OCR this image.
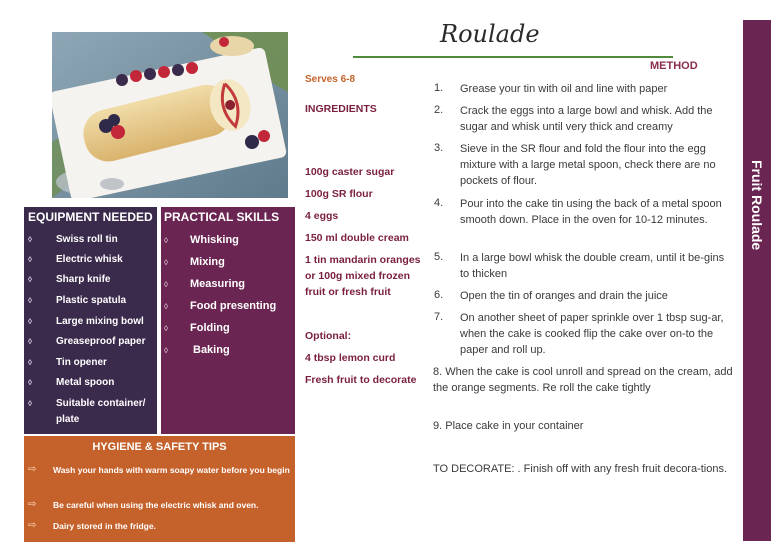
EQUIPMENT NEEDED
◊ Swiss roll tin
◊ Electric whisk
◊ Sharp knife
◊ Plastic spatula
◊ Large mixing bowl
◊ Greaseproof paper
◊ Tin opener
◊ Metal spoon
◊ Suitable container/ plate
PRACTICAL SKILLS
◊ Whisking
◊ Mixing
◊ Measuring
◊ Food presenting
◊ Folding
◊ Baking
HYGIENE & SAFETY TIPS
⇨ Wash your hands with warm soapy water before you begin
⇨ Be careful when using the electric whisk and oven.
⇨ Dairy stored in the fridge.
Roulade
METHOD
Serves 6-8
INGREDIENTS
100g caster sugar
100g SR flour
4 eggs
150 ml double cream
1 tin mandarin oranges or 100g mixed frozen fruit or fresh fruit
Optional:
4 tbsp lemon curd
Fresh fruit to decorate
1. Grease your tin with oil and line with paper
2. Crack the eggs into a large bowl and whisk. Add the sugar and whisk until very thick and creamy
3. Sieve in the SR flour and fold the flour into the egg mixture with a large metal spoon, check there are no pockets of flour.
4. Pour into the cake tin using the back of a metal spoon smooth down. Place in the oven for 10-12 minutes.
5. In a large bowl whisk the double cream, until it be-gins to thicken
6. Open the tin of oranges and drain the juice
7. On another sheet of paper sprinkle over 1 tbsp sug-ar, when the cake is cooked flip the cake over on-to the paper and roll up.
8. When the cake is cool unroll and spread on the cream, add the orange segments. Re roll the cake tightly
9. Place cake in your container
TO DECORATE: . Finish off with any fresh fruit decora-tions.
Fruit Roulade
